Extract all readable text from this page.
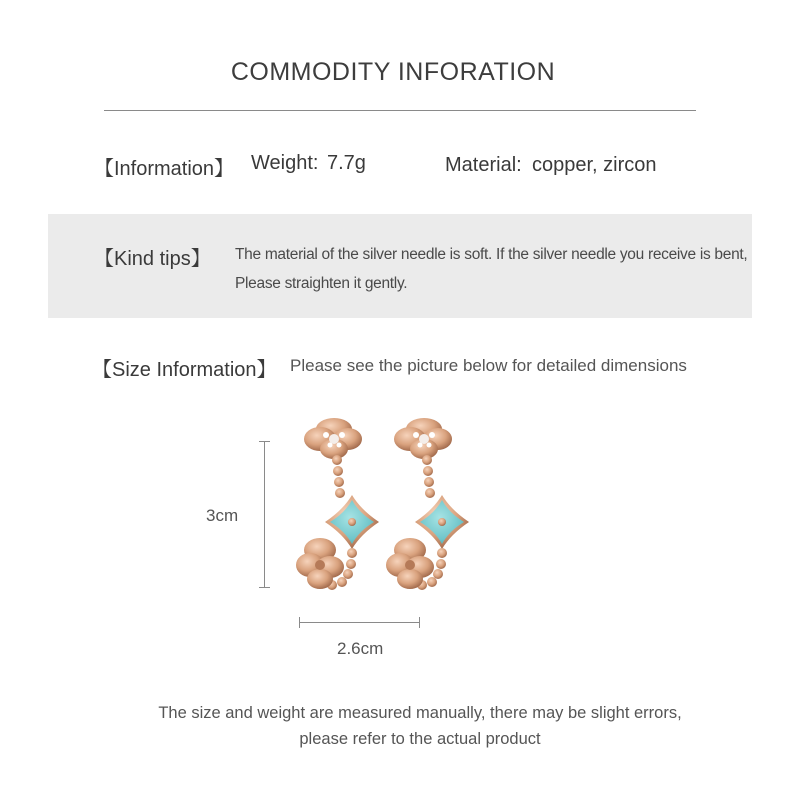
COMMODITY INFORATION
【Information】 Weight: 7.7g	Material: copper, zircon
【Kind tips】 The material of the silver needle is soft. If the silver needle you receive is bent,
Please straighten it gently.
【Size Information】 Please see the picture below for detailed dimensions
3cm
2.6cm
The size and weight are measured manually, there may be slight errors,
please refer to the actual product
